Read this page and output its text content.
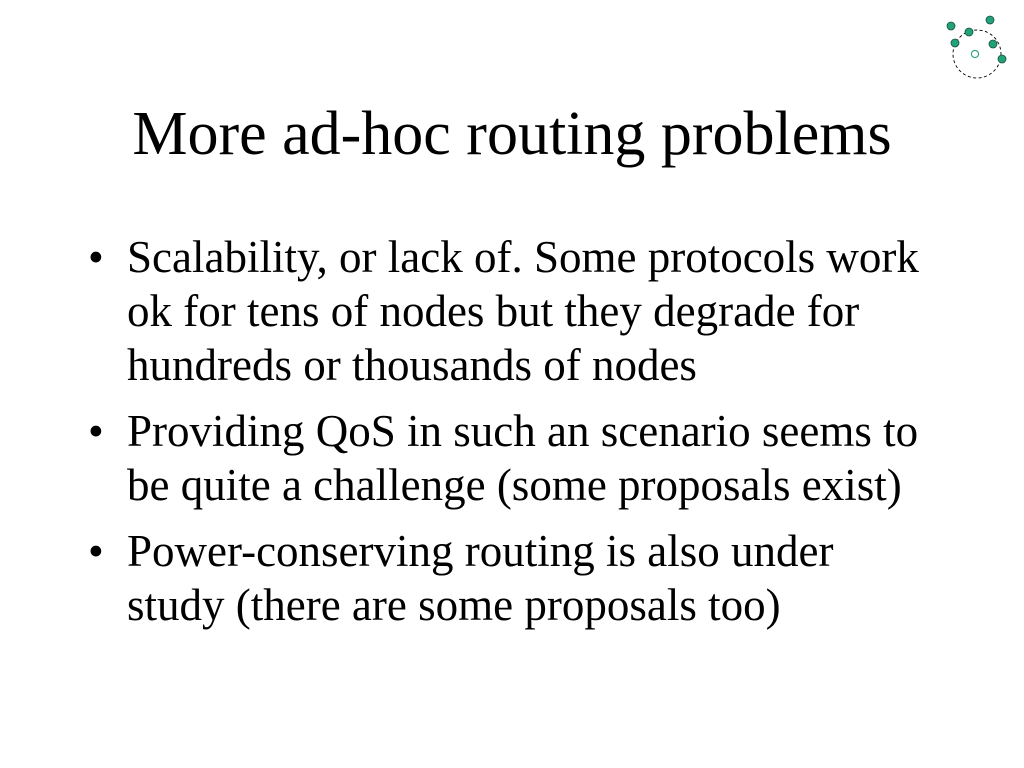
More ad-hoc routing problems
• Scalability, or lack of. Some protocols work ok for tens of nodes but they degrade for hundreds or thousands of nodes
• Providing QoS in such an scenario seems to be quite a challenge (some proposals exist)
• Power-conserving routing is also under study (there are some proposals too)
